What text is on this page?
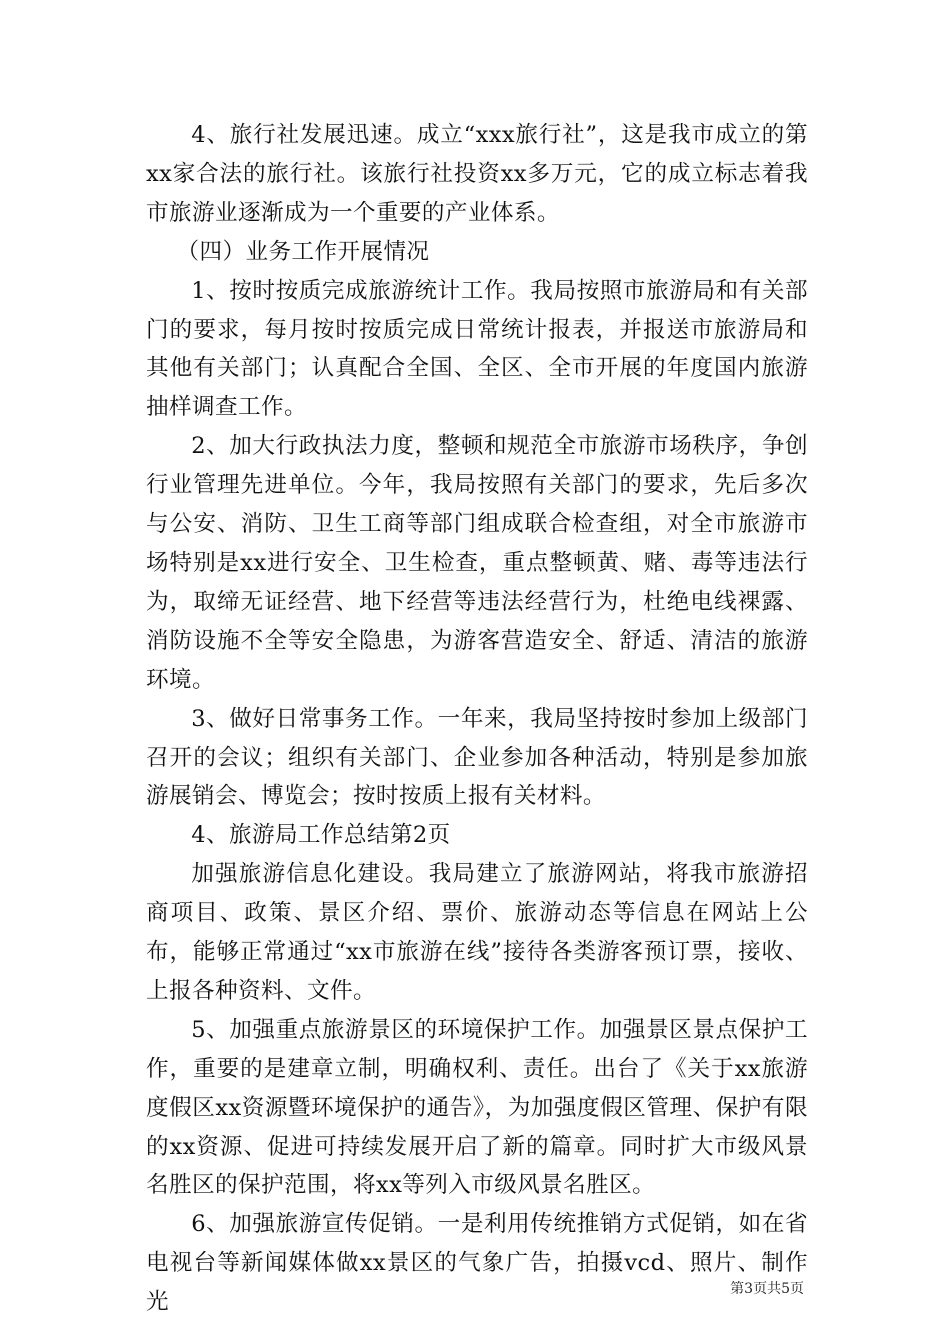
4、旅行社发展迅速。成立“xxx旅行社”，这是我市成立的第xx家合法的旅行社。该旅行社投资xx多万元，它的成立标志着我市旅游业逐渐成为一个重要的产业体系。

（四）业务工作开展情况

1、按时按质完成旅游统计工作。我局按照市旅游局和有关部门的要求，每月按时按质完成日常统计报表，并报送市旅游局和其他有关部门；认真配合全国、全区、全市开展的年度国内旅游抽样调查工作。

2、加大行政执法力度，整顿和规范全市旅游市场秩序，争创行业管理先进单位。今年，我局按照有关部门的要求，先后多次与公安、消防、卫生工商等部门组成联合检查组，对全市旅游市场特别是xx进行安全、卫生检查，重点整顿黄、赌、毒等违法行为，取缔无证经营、地下经营等违法经营行为，杜绝电线裸露、消防设施不全等安全隐患，为游客营造安全、舒适、清洁的旅游环境。

3、做好日常事务工作。一年来，我局坚持按时参加上级部门召开的会议；组织有关部门、企业参加各种活动，特别是参加旅游展销会、博览会；按时按质上报有关材料。

4、旅游局工作总结第2页

加强旅游信息化建设。我局建立了旅游网站，将我市旅游招商项目、政策、景区介绍、票价、旅游动态等信息在网站上公布，能够正常通过“xx市旅游在线”接待各类游客预订票，接收、上报各种资料、文件。

5、加强重点旅游景区的环境保护工作。加强景区景点保护工作，重要的是建章立制，明确权利、责任。出台了《关于xx旅游度假区xx资源暨环境保护的通告》，为加强度假区管理、保护有限的xx资源、促进可持续发展开启了新的篇章。同时扩大市级风景名胜区的保护范围，将xx等列入市级风景名胜区。

6、加强旅游宣传促销。一是利用传统推销方式促销，如在省电视台等新闻媒体做xx景区的气象广告，拍摄vcd、照片、制作光

第3页共5页
